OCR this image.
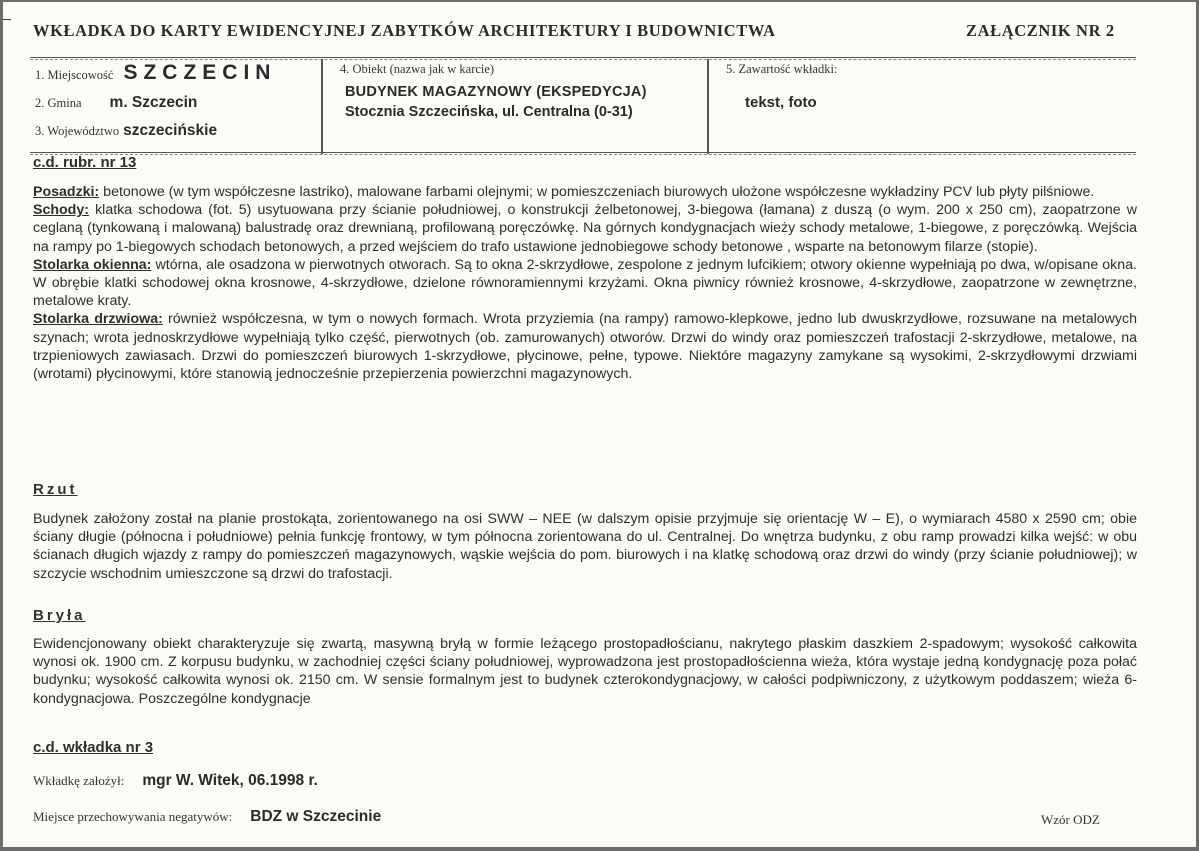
WKŁADKA DO KARTY EWIDENCYJNEJ ZABYTKÓW ARCHITEKTURY I BUDOWNICTWA	ZAŁĄCZNIK NR 2
1. Miejscowość SZCZECIN
2. Gmina m. Szczecin
3. Województwo szczecińskie
4. Obiekt (nazwa jak w karcie)
BUDYNEK MAGAZYNOWY (EKSPEDYCJA)
Stocznia Szczecińska, ul. Centralna (0-31)
5. Zawartość wkładki:
tekst, foto
c.d. rubr. nr 13
Posadzki: betonowe (w tym współczesne lastriko), malowane farbami olejnymi; w pomieszczeniach biurowych ułożone współczesne wykładziny PCV lub płyty pilśniowe.
Schody: klatka schodowa (fot. 5) usytuowana przy ścianie południowej, o konstrukcji żelbetonowej, 3-biegowa (łamana) z duszą (o wym. 200 x 250 cm), zaopatrzone w ceglaną (tynkowaną i malowaną) balustradę oraz drewnianą, profilowaną poręczówkę. Na górnych kondygnacjach wieży schody metalowe, 1-biegowe, z poręczówką. Wejścia na rampy po 1-biegowych schodach betonowych, a przed wejściem do trafo ustawione jednobiegowe schody betonowe , wsparte na betonowym filarze (stopie).
Stolarka okienna: wtórna, ale osadzona w pierwotnych otworach. Są to okna 2-skrzydłowe, zespolone z jednym lufcikiem; otwory okienne wypełniają po dwa, w/opisane okna. W obrębie klatki schodowej okna krosnowe, 4-skrzydłowe, dzielone równoramiennymi krzyżami. Okna piwnicy również krosnowe, 4-skrzydłowe, zaopatrzone w zewnętrzne, metalowe kraty.
Stolarka drzwiowa: również współczesna, w tym o nowych formach. Wrota przyziemia (na rampy) ramowo-klepkowe, jedno lub dwuskrzydłowe, rozsuwane na metalowych szynach; wrota jednoskrzydłowe wypełniają tylko część, pierwotnych (ob. zamurowanych) otworów. Drzwi do windy oraz pomieszczeń trafostacji 2-skrzydłowe, metalowe, na trzpieniowych zawiasach. Drzwi do pomieszczeń biurowych 1-skrzydłowe, płycinowe, pełne, typowe. Niektóre magazyny zamykane są wysokimi, 2-skrzydłowymi drzwiami (wrotami) płycinowymi, które stanowią jednocześnie przepierzenia powierzchni magazynowych.
Rzut
Budynek założony został na planie prostokąta, zorientowanego na osi SWW – NEE (w dalszym opisie przyjmuje się orientację W – E), o wymiarach 4580 x 2590 cm; obie ściany długie (północna i południowe) pełnia funkcję frontowy, w tym północna zorientowana do ul. Centralnej. Do wnętrza budynku, z obu ramp prowadzi kilka wejść: w obu ścianach długich wjazdy z rampy do pomieszczeń magazynowych, wąskie wejścia do pom. biurowych i na klatkę schodową oraz drzwi do windy (przy ścianie południowej); w szczycie wschodnim umieszczone są drzwi do trafostacji.
Bryła
Ewidencjonowany obiekt charakteryzuje się zwartą, masywną bryłą w formie leżącego prostopadłościanu, nakrytego płaskim daszkiem 2-spadowym; wysokość całkowita wynosi ok. 1900 cm. Z korpusu budynku, w zachodniej części ściany południowej, wyprowadzona jest prostopadłościenna wieża, która wystaje jedną kondygnację poza połać budynku; wysokość całkowita wynosi ok. 2150 cm. W sensie formalnym jest to budynek czterokondygnacjowy, w całości podpiwniczony, z użytkowym poddaszem; wieża 6-kondygnacjowa. Poszczególne kondygnacje
c.d. wkładka nr 3
Wkładkę założył: mgr W. Witek, 06.1998 r.
Miejsce przechowywania negatywów: BDZ w Szczecinie	Wzór ODZ
